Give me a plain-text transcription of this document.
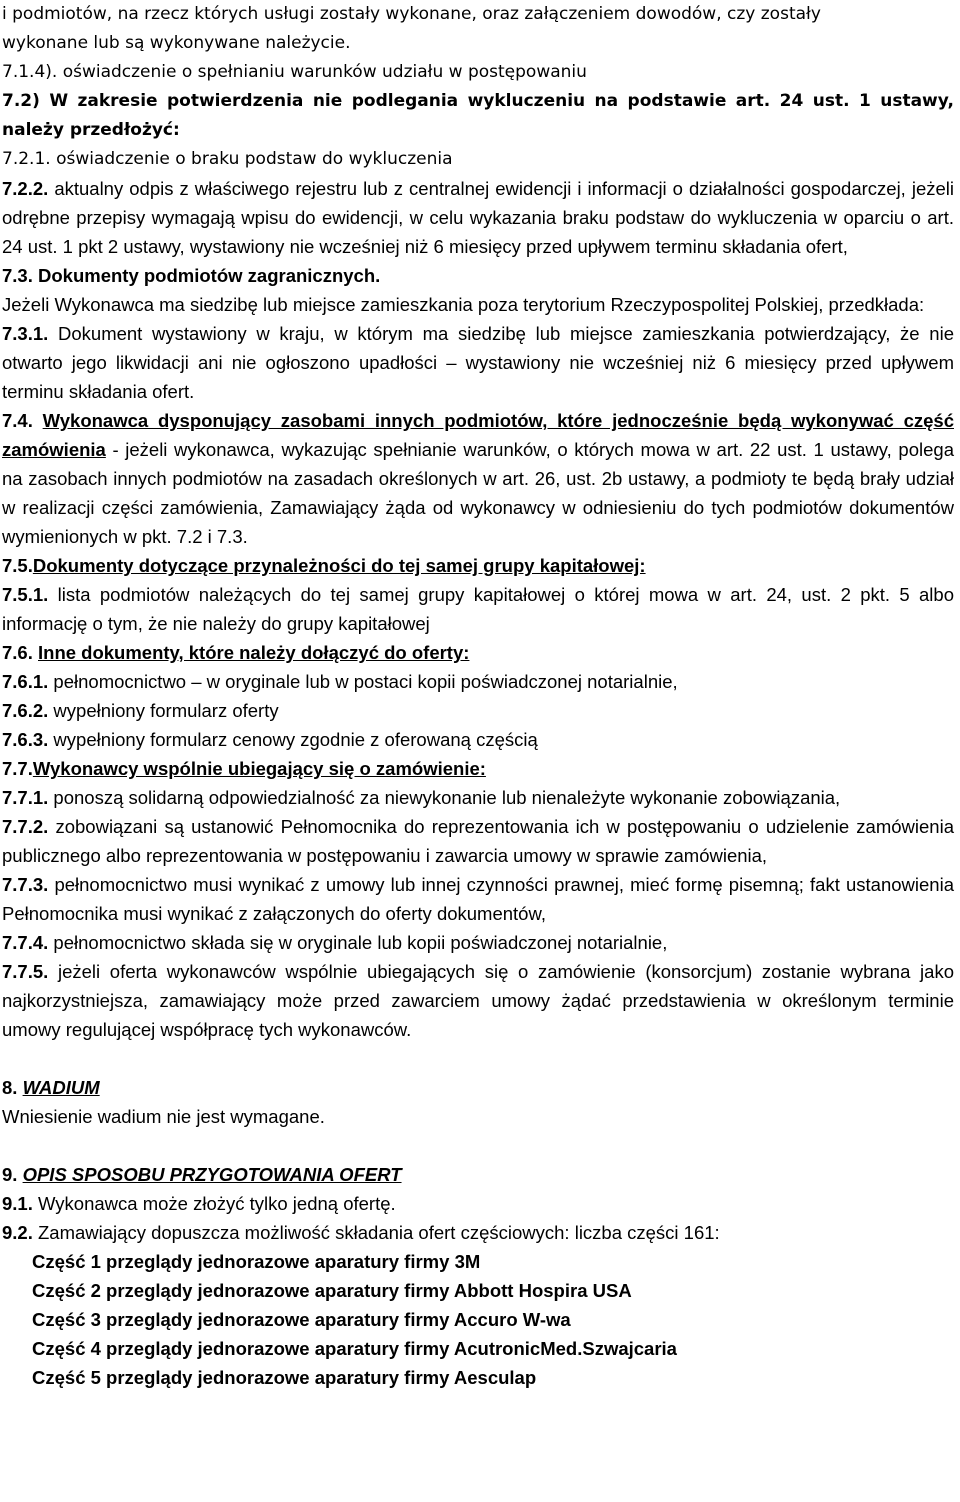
i podmiotów, na rzecz których usługi zostały wykonane, oraz załączeniem dowodów, czy zostały
wykonane lub są wykonywane należycie.

7.1.4). oświadczenie o spełnianiu warunków udziału w postępowaniu

7.2) W zakresie potwierdzenia nie podlegania wykluczeniu na podstawie art. 24 ust. 1 ustawy, należy przedłożyć:

7.2.1. oświadczenie o braku podstaw do wykluczenia

7.2.2. aktualny odpis z właściwego rejestru lub z centralnej ewidencji i informacji o działalności gospodarczej, jeżeli odrębne przepisy wymagają wpisu do ewidencji, w celu wykazania braku podstaw do wykluczenia w oparciu o art. 24 ust. 1 pkt 2 ustawy, wystawiony nie wcześniej niż 6 miesięcy przed upływem terminu składania ofert,

7.3. Dokumenty podmiotów zagranicznych.

Jeżeli Wykonawca ma siedzibę lub miejsce zamieszkania poza terytorium Rzeczypospolitej Polskiej, przedkłada:

7.3.1. Dokument wystawiony w kraju, w którym ma siedzibę lub miejsce zamieszkania potwierdzający, że nie otwarto jego likwidacji ani nie ogłoszono upadłości – wystawiony nie wcześniej niż 6 miesięcy przed upływem terminu składania ofert.

7.4. Wykonawca dysponujący zasobami innych podmiotów, które jednocześnie będą wykonywać część zamówienia - jeżeli wykonawca, wykazując spełnianie warunków, o których mowa w art. 22 ust. 1 ustawy, polega na zasobach innych podmiotów na zasadach określonych w art. 26, ust. 2b ustawy, a podmioty te będą brały udział w realizacji części zamówienia, Zamawiający żąda od wykonawcy w odniesieniu do tych podmiotów dokumentów wymienionych w pkt. 7.2 i 7.3.

7.5.Dokumenty dotyczące przynależności do tej samej grupy kapitałowej:

7.5.1. lista podmiotów należących do tej samej grupy kapitałowej o której mowa w art. 24, ust. 2 pkt. 5 albo informację o tym, że nie należy do grupy kapitałowej

7.6. Inne dokumenty, które należy dołączyć do oferty:

7.6.1. pełnomocnictwo – w oryginale lub w postaci kopii poświadczonej notarialnie,

7.6.2. wypełniony formularz oferty

7.6.3. wypełniony formularz cenowy zgodnie z oferowaną częścią

7.7.Wykonawcy wspólnie ubiegający się o zamówienie:

7.7.1. ponoszą solidarną odpowiedzialność za niewykonanie lub nienależyte wykonanie zobowiązania,

7.7.2. zobowiązani są ustanowić Pełnomocnika do reprezentowania ich w postępowaniu o udzielenie zamówienia publicznego albo reprezentowania w postępowaniu i zawarcia umowy w sprawie zamówienia,

7.7.3. pełnomocnictwo musi wynikać z umowy lub innej czynności prawnej, mieć formę pisemną; fakt ustanowienia Pełnomocnika musi wynikać z załączonych do oferty dokumentów,

7.7.4. pełnomocnictwo składa się w oryginale lub kopii poświadczonej notarialnie,

7.7.5. jeżeli oferta wykonawców wspólnie ubiegających się o zamówienie (konsorcjum) zostanie wybrana jako najkorzystniejsza, zamawiający może przed zawarciem umowy żądać przedstawienia w określonym terminie umowy regulującej współpracę tych wykonawców.

8. WADIUM

Wniesienie wadium nie jest wymagane.

9. OPIS SPOSOBU PRZYGOTOWANIA OFERT

9.1. Wykonawca może złożyć tylko jedną ofertę.

9.2. Zamawiający dopuszcza możliwość składania ofert częściowych: liczba części 161:

Część 1 przeglądy jednorazowe aparatury firmy 3M

Część 2 przeglądy jednorazowe aparatury firmy Abbott Hospira USA

Część 3 przeglądy jednorazowe aparatury firmy Accuro W-wa

Część 4 przeglądy jednorazowe aparatury firmy AcutronicMed.Szwajcaria

Część 5 przeglądy jednorazowe aparatury firmy Aesculap
